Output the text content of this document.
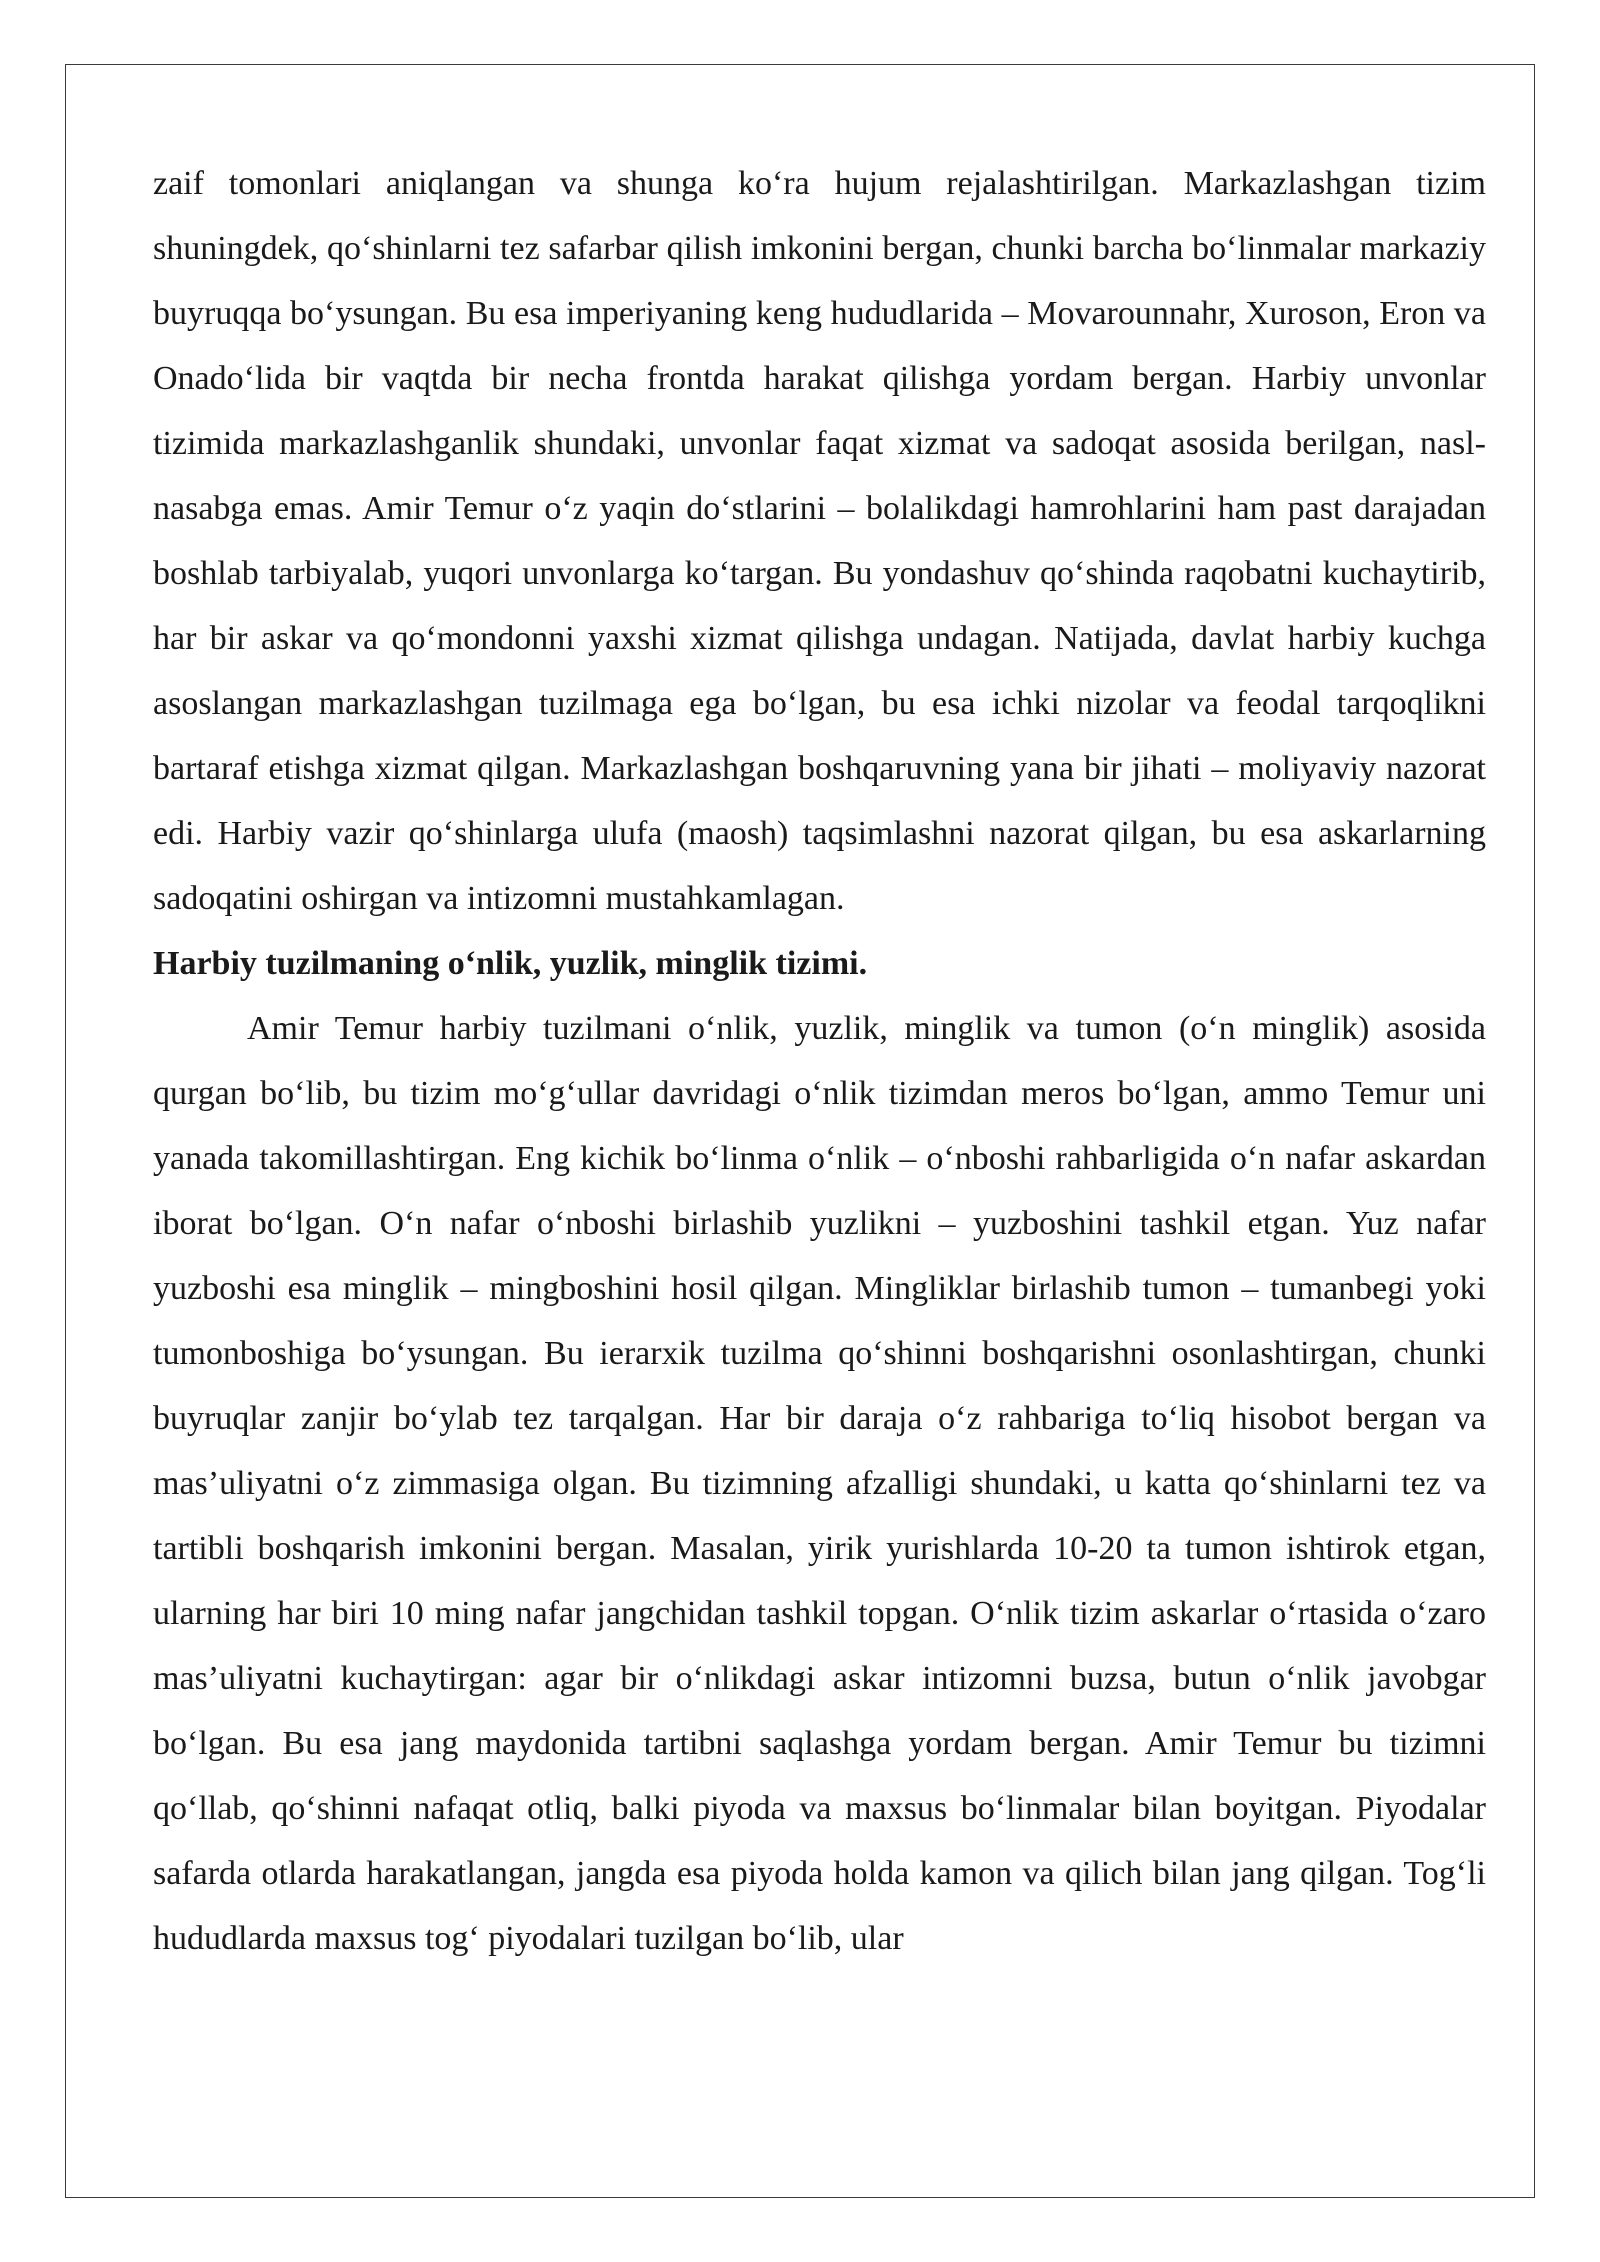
zaif tomonlari aniqlangan va shunga ko‘ra hujum rejalashtirilgan. Markazlashgan tizim shuningdek, qo‘shinlarni tez safarbar qilish imkonini bergan, chunki barcha bo‘linmalar markaziy buyruqqa bo‘ysungan. Bu esa imperiyaning keng hududlarida – Movarounnahr, Xuroson, Eron va Onado‘lida bir vaqtda bir necha frontda harakat qilishga yordam bergan. Harbiy unvonlar tizimida markazlashganlik shundaki, unvonlar faqat xizmat va sadoqat asosida berilgan, nasl-nasabga emas. Amir Temur o‘z yaqin do‘stlarini – bolalikdagi hamrohlarini ham past darajadan boshlab tarbiyalab, yuqori unvonlarga ko‘targan. Bu yondashuv qo‘shinda raqobatni kuchaytirib, har bir askar va qo‘mondonni yaxshi xizmat qilishga undagan. Natijada, davlat harbiy kuchga asoslangan markazlashgan tuzilmaga ega bo‘lgan, bu esa ichki nizolar va feodal tarqoqlikni bartaraf etishga xizmat qilgan. Markazlashgan boshqaruvning yana bir jihati – moliyaviy nazorat edi. Harbiy vazir qo‘shinlarga ulufa (maosh) taqsimlashni nazorat qilgan, bu esa askarlarning sadoqatini oshirgan va intizomni mustahkamlagan.

Harbiy tuzilmaning o‘nlik, yuzlik, minglik tizimi.

Amir Temur harbiy tuzilmani o‘nlik, yuzlik, minglik va tumon (o‘n minglik) asosida qurgan bo‘lib, bu tizim mo‘g‘ullar davridagi o‘nlik tizimdan meros bo‘lgan, ammo Temur uni yanada takomillashtirgan. Eng kichik bo‘linma o‘nlik – o‘nboshi rahbarligida o‘n nafar askardan iborat bo‘lgan. O‘n nafar o‘nboshi birlashib yuzlikni – yuzboshini tashkil etgan. Yuz nafar yuzboshi esa minglik – mingboshini hosil qilgan. Mingliklar birlashib tumon – tumanbegi yoki tumonboshiga bo‘ysungan. Bu ierarxik tuzilma qo‘shinni boshqarishni osonlashtirgan, chunki buyruqlar zanjir bo‘ylab tez tarqalgan. Har bir daraja o‘z rahbariga to‘liq hisobot bergan va mas’uliyatni o‘z zimmasiga olgan. Bu tizimning afzalligi shundaki, u katta qo‘shinlarni tez va tartibli boshqarish imkonini bergan. Masalan, yirik yurishlarda 10-20 ta tumon ishtirok etgan, ularning har biri 10 ming nafar jangchidan tashkil topgan. O‘nlik tizim askarlar o‘rtasida o‘zaro mas’uliyatni kuchaytirgan: agar bir o‘nlikdagi askar intizomni buzsa, butun o‘nlik javobgar bo‘lgan. Bu esa jang maydonida tartibni saqlashga yordam bergan. Amir Temur bu tizimni qo‘llab, qo‘shinni nafaqat otliq, balki piyoda va maxsus bo‘linmalar bilan boyitgan. Piyodalar safarda otlarda harakatlangan, jangda esa piyoda holda kamon va qilich bilan jang qilgan. Tog‘li hududlarda maxsus tog‘ piyodalari tuzilgan bo‘lib, ular
